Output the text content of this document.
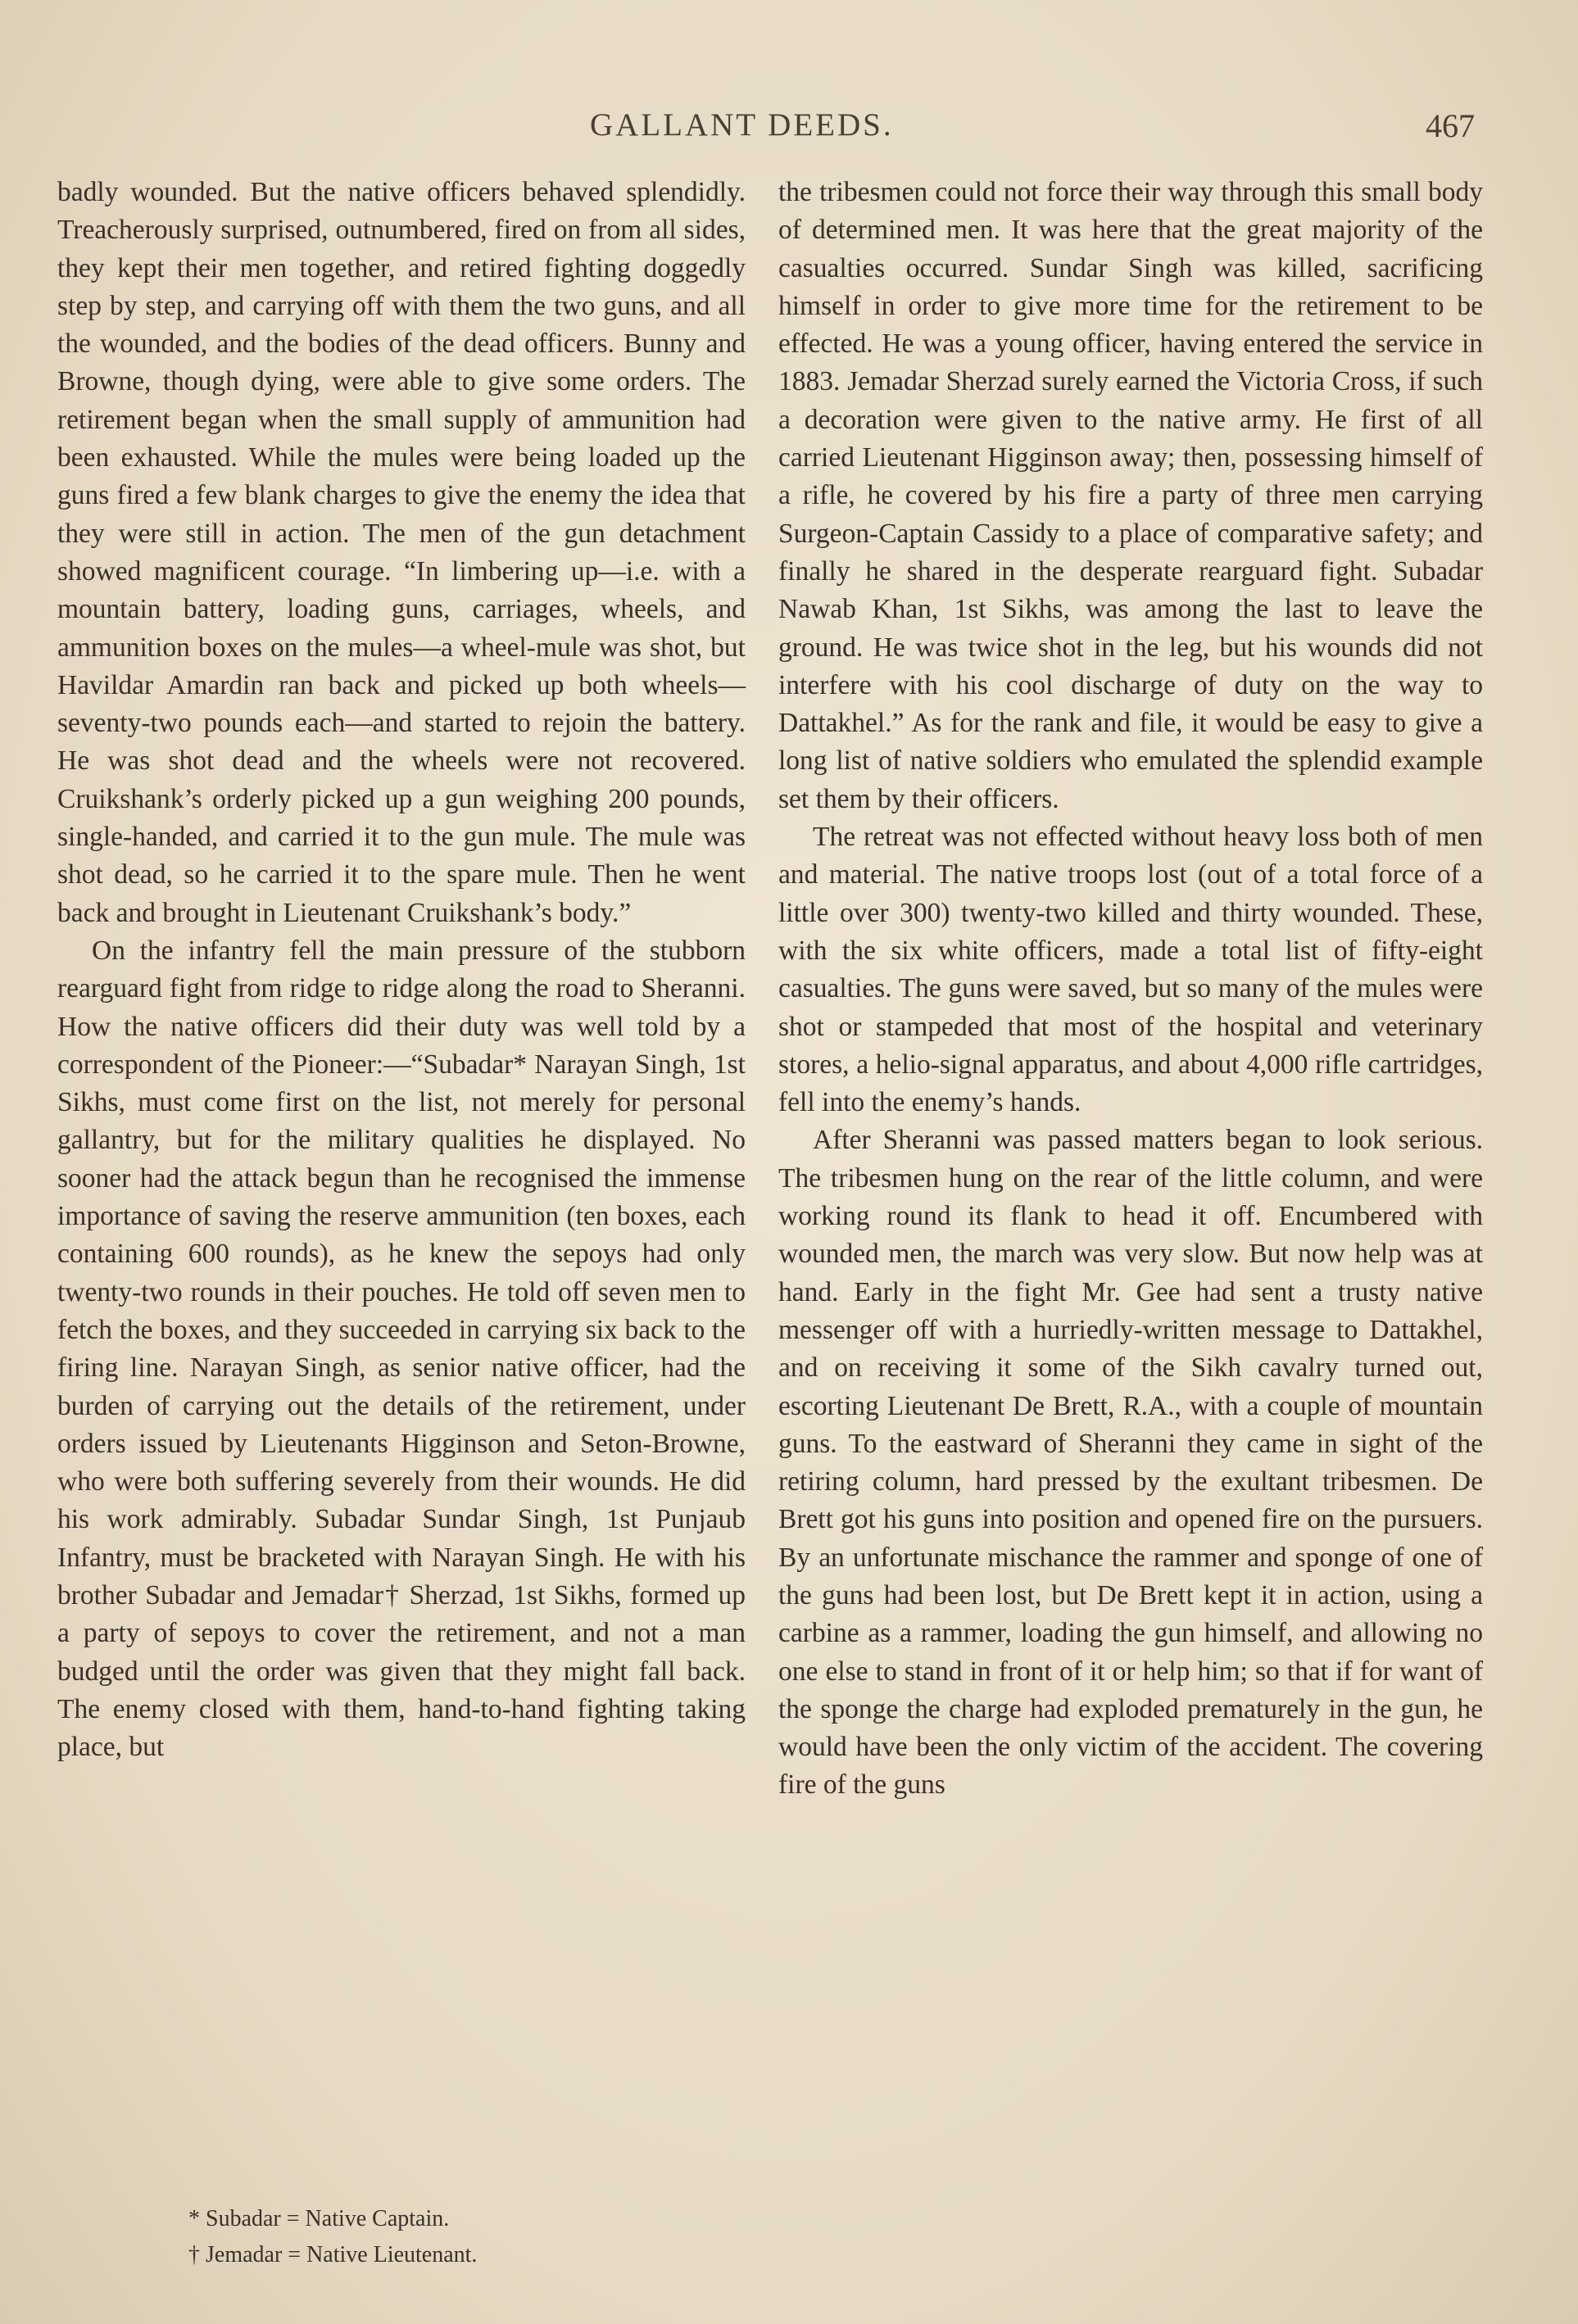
GALLANT DEEDS.	467

badly wounded. But the native officers behaved splendidly. Treacherously surprised, outnumbered, fired on from all sides, they kept their men together, and retired fighting doggedly step by step, and carrying off with them the two guns, and all the wounded, and the bodies of the dead officers. Bunny and Browne, though dying, were able to give some orders. The retirement began when the small supply of ammunition had been exhausted. While the mules were being loaded up the guns fired a few blank charges to give the enemy the idea that they were still in action. The men of the gun detachment showed magnificent courage. “In limbering up—i.e. with a mountain battery, loading guns, carriages, wheels, and ammunition boxes on the mules—a wheel-mule was shot, but Havildar Amardin ran back and picked up both wheels—seventy-two pounds each—and started to rejoin the battery. He was shot dead and the wheels were not recovered. Cruikshank’s orderly picked up a gun weighing 200 pounds, single-handed, and carried it to the gun mule. The mule was shot dead, so he carried it to the spare mule. Then he went back and brought in Lieutenant Cruikshank’s body.”

On the infantry fell the main pressure of the stubborn rearguard fight from ridge to ridge along the road to Sheranni. How the native officers did their duty was well told by a correspondent of the Pioneer:—“Subadar* Narayan Singh, 1st Sikhs, must come first on the list, not merely for personal gallantry, but for the military qualities he displayed. No sooner had the attack begun than he recognised the immense importance of saving the reserve ammunition (ten boxes, each containing 600 rounds), as he knew the sepoys had only twenty-two rounds in their pouches. He told off seven men to fetch the boxes, and they succeeded in carrying six back to the firing line. Narayan Singh, as senior native officer, had the burden of carrying out the details of the retirement, under orders issued by Lieutenants Higginson and Seton-Browne, who were both suffering severely from their wounds. He did his work admirably. Subadar Sundar Singh, 1st Punjaub Infantry, must be bracketed with Narayan Singh. He with his brother Subadar and Jemadar† Sherzad, 1st Sikhs, formed up a party of sepoys to cover the retirement, and not a man budged until the order was given that they might fall back. The enemy closed with them, hand-to-hand fighting taking place, but

* Subadar = Native Captain.
† Jemadar = Native Lieutenant.

the tribesmen could not force their way through this small body of determined men. It was here that the great majority of the casualties occurred. Sundar Singh was killed, sacrificing himself in order to give more time for the retirement to be effected. He was a young officer, having entered the service in 1883. Jemadar Sherzad surely earned the Victoria Cross, if such a decoration were given to the native army. He first of all carried Lieutenant Higginson away; then, possessing himself of a rifle, he covered by his fire a party of three men carrying Surgeon-Captain Cassidy to a place of comparative safety; and finally he shared in the desperate rearguard fight. Subadar Nawab Khan, 1st Sikhs, was among the last to leave the ground. He was twice shot in the leg, but his wounds did not interfere with his cool discharge of duty on the way to Dattakhel.” As for the rank and file, it would be easy to give a long list of native soldiers who emulated the splendid example set them by their officers.

The retreat was not effected without heavy loss both of men and material. The native troops lost (out of a total force of a little over 300) twenty-two killed and thirty wounded. These, with the six white officers, made a total list of fifty-eight casualties. The guns were saved, but so many of the mules were shot or stampeded that most of the hospital and veterinary stores, a helio-signal apparatus, and about 4,000 rifle cartridges, fell into the enemy’s hands.

After Sheranni was passed matters began to look serious. The tribesmen hung on the rear of the little column, and were working round its flank to head it off. Encumbered with wounded men, the march was very slow. But now help was at hand. Early in the fight Mr. Gee had sent a trusty native messenger off with a hurriedly-written message to Dattakhel, and on receiving it some of the Sikh cavalry turned out, escorting Lieutenant De Brett, R.A., with a couple of mountain guns. To the eastward of Sheranni they came in sight of the retiring column, hard pressed by the exultant tribesmen. De Brett got his guns into position and opened fire on the pursuers. By an unfortunate mischance the rammer and sponge of one of the guns had been lost, but De Brett kept it in action, using a carbine as a rammer, loading the gun himself, and allowing no one else to stand in front of it or help him; so that if for want of the sponge the charge had exploded prematurely in the gun, he would have been the only victim of the accident. The covering fire of the guns
